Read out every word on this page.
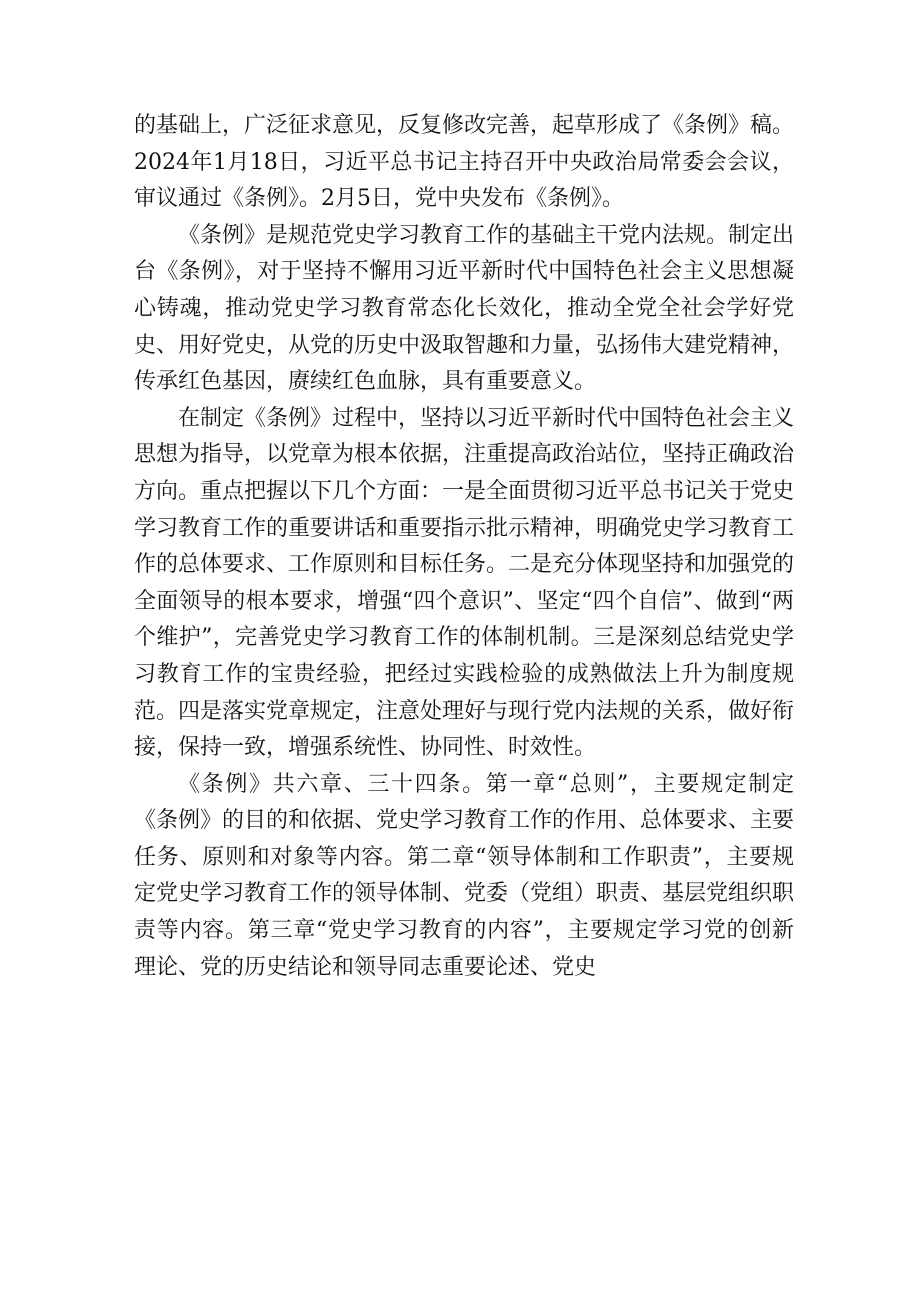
的基础上，广泛征求意见，反复修改完善，起草形成了《条例》稿。2024年1月18日，习近平总书记主持召开中央政治局常委会会议，审议通过《条例》。2月5日，党中央发布《条例》。

《条例》是规范党史学习教育工作的基础主干党内法规。制定出台《条例》，对于坚持不懈用习近平新时代中国特色社会主义思想凝心铸魂，推动党史学习教育常态化长效化，推动全党全社会学好党史、用好党史，从党的历史中汲取智趣和力量，弘扬伟大建党精神，传承红色基因，赓续红色血脉，具有重要意义。

在制定《条例》过程中，坚持以习近平新时代中国特色社会主义思想为指导，以党章为根本依据，注重提高政治站位，坚持正确政治方向。重点把握以下几个方面：一是全面贯彻习近平总书记关于党史学习教育工作的重要讲话和重要指示批示精神，明确党史学习教育工作的总体要求、工作原则和目标任务。二是充分体现坚持和加强党的全面领导的根本要求，增强“四个意识”、坚定“四个自信”、做到“两个维护”，完善党史学习教育工作的体制机制。三是深刻总结党史学习教育工作的宝贵经验，把经过实践检验的成熟做法上升为制度规范。四是落实党章规定，注意处理好与现行党内法规的关系，做好衔接，保持一致，增强系统性、协同性、时效性。

《条例》共六章、三十四条。第一章“总则”，主要规定制定《条例》的目的和依据、党史学习教育工作的作用、总体要求、主要任务、原则和对象等内容。第二章“领导体制和工作职责”，主要规定党史学习教育工作的领导体制、党委（党组）职责、基层党组织职责等内容。第三章“党史学习教育的内容”，主要规定学习党的创新理论、党的历史结论和领导同志重要论述、党史
